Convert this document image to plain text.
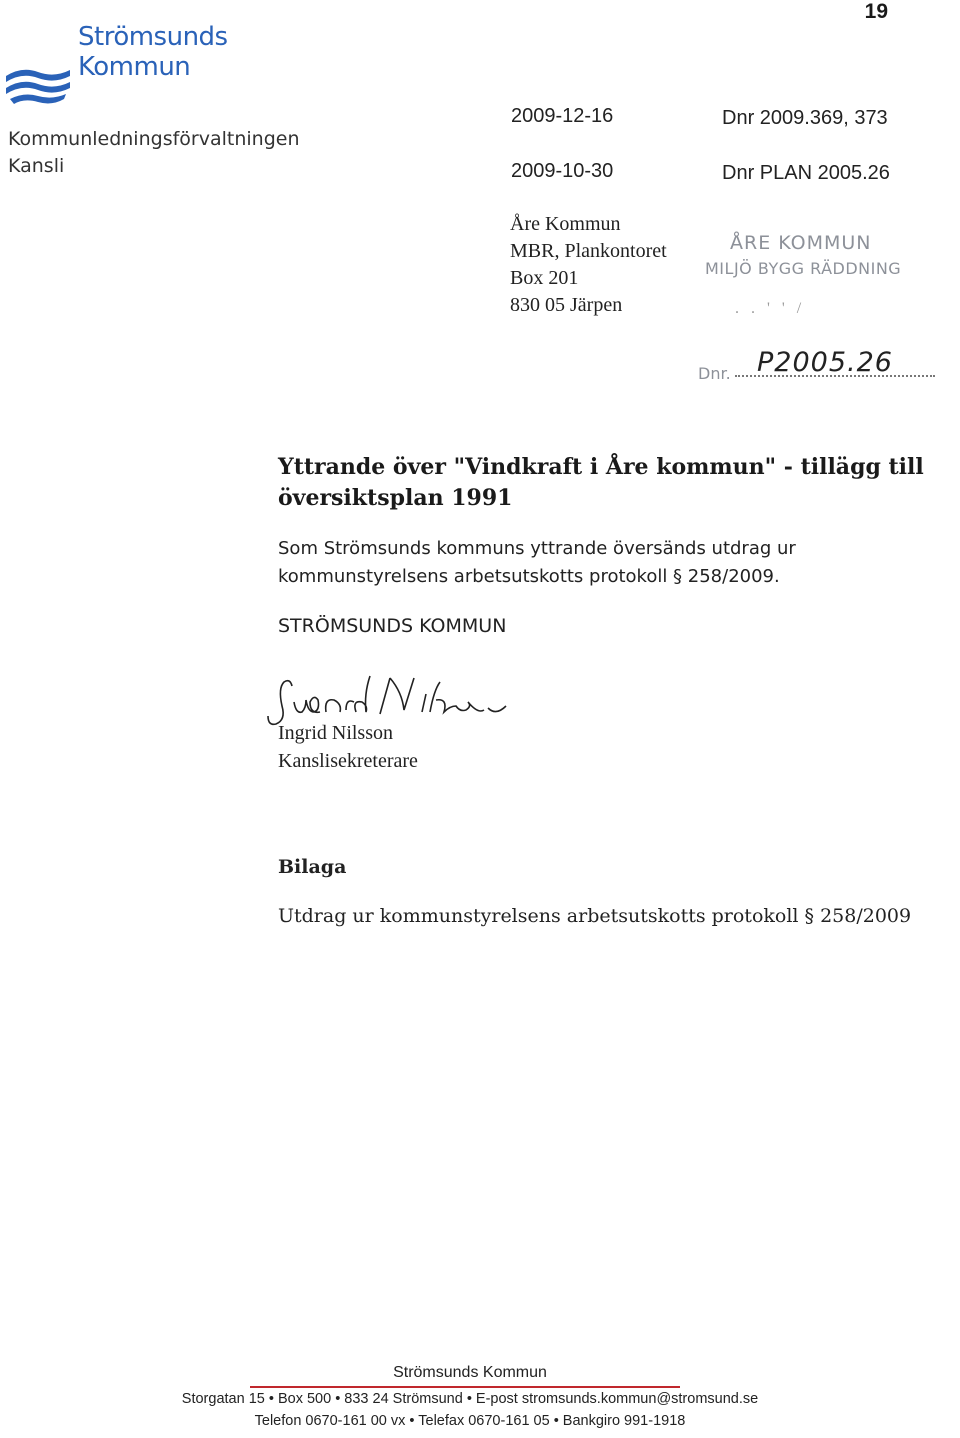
19
Strömsunds
Kommun
Kommunledningsförvaltningen
Kansli
2009-12-16	Dnr 2009.369, 373
2009-10-30	Dnr PLAN 2005.26
Åre Kommun
MBR, Plankontoret
Box 201
830 05 Järpen
ÅRE KOMMUN
MILJÖ BYGG RÄDDNING
. . ' ' /
Dnr. P2005.26
Yttrande över "Vindkraft i Åre kommun" - tillägg till översiktsplan 1991
Som Strömsunds kommuns yttrande översänds utdrag ur kommunstyrelsens arbetsutskotts protokoll § 258/2009.
STRÖMSUNDS KOMMUN
Ingrid Nilsson
Kanslisekreterare
Bilaga
Utdrag ur kommunstyrelsens arbetsutskotts protokoll § 258/2009
Strömsunds Kommun
Storgatan 15 • Box 500 • 833 24 Strömsund • E-post stromsunds.kommun@stromsund.se
Telefon 0670-161 00 vx • Telefax 0670-161 05 • Bankgiro 991-1918
